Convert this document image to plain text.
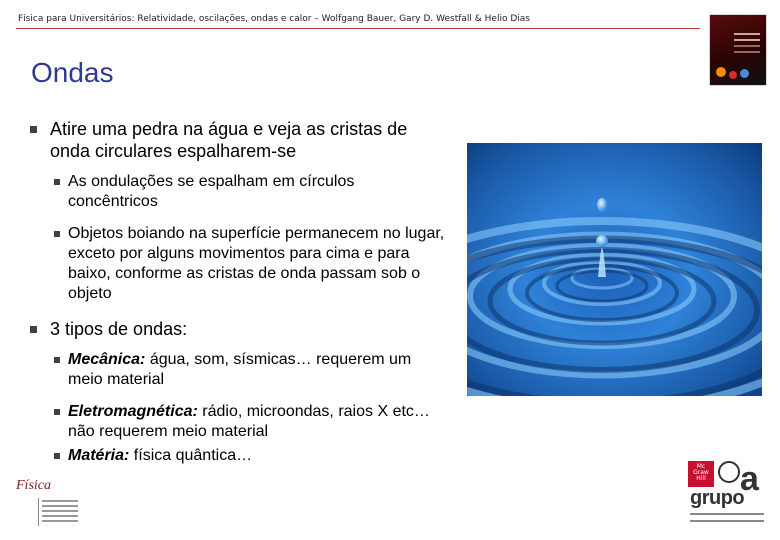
Física para Universitários: Relatividade, oscilações, ondas e calor – Wolfgang Bauer, Gary D. Westfall & Helio Dias
Ondas
Atire uma pedra na água e veja as cristas de onda circulares espalharem-se
As ondulações se espalham em círculos concêntricos
Objetos boiando na superfície permanecem no lugar, exceto por alguns movimentos para cima e para baixo, conforme as cristas de onda passam sob o objeto
3 tipos de ondas:
Mecânica: água, som, sísmicas… requerem um meio material
Eletromagnética: rádio, microondas, raios X etc… não requerem meio material
Matéria: física quântica…
Física
Mc
Graw
Hill
grupo
a
